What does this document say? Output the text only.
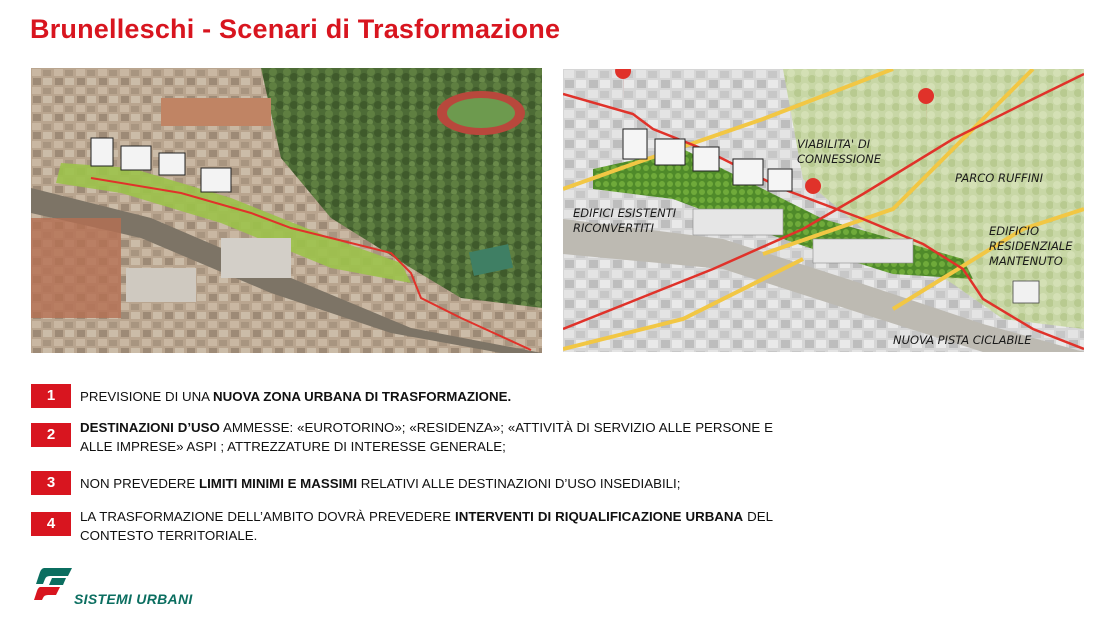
Brunelleschi - Scenari di Trasformazione
VIABILITA' DI
CONNESSIONE
PARCO RUFFINI
EDIFICI ESISTENTI
RICONVERTITI	EDIFICIO
RESIDENZIALE
MANTENUTO
NUOVA PISTA CICLABILE
1	PREVISIONE DI UNA NUOVA ZONA URBANA DI TRASFORMAZIONE.
2	DESTINAZIONI D’USO AMMESSE: «EUROTORINO»; «RESIDENZA»; «ATTIVITÀ DI SERVIZIO ALLE PERSONE E ALLE IMPRESE» ASPI ; ATTREZZATURE DI INTERESSE GENERALE;
3	NON PREVEDERE LIMITI MINIMI E MASSIMI RELATIVI ALLE DESTINAZIONI D’USO INSEDIABILI;
4	LA TRASFORMAZIONE DELL’AMBITO DOVRÀ PREVEDERE INTERVENTI DI RIQUALIFICAZIONE URBANA DEL CONTESTO TERRITORIALE.
SISTEMI URBANI
